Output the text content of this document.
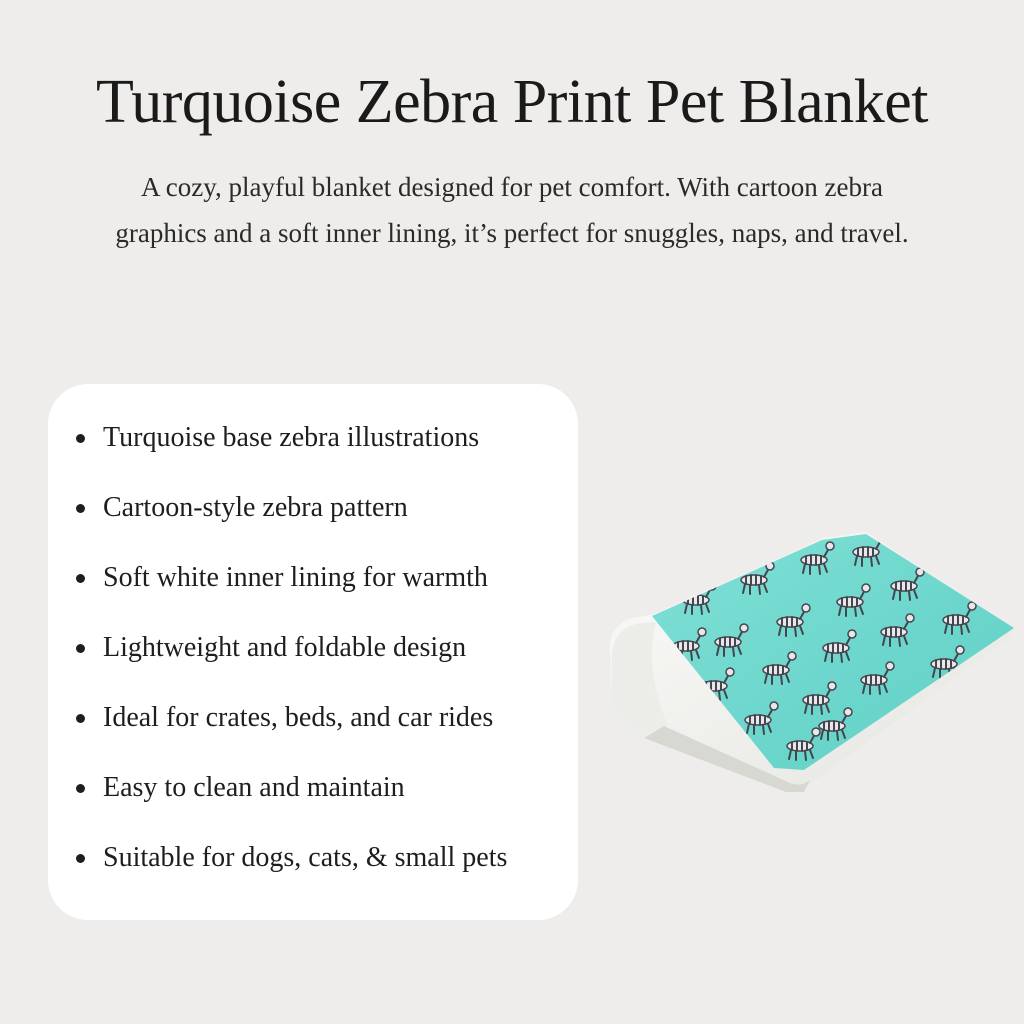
Turquoise Zebra Print Pet Blanket

A cozy, playful blanket designed for pet comfort. With cartoon zebra graphics and a soft inner lining, it’s perfect for snuggles, naps, and travel.

Turquoise base zebra illustrations
Cartoon-style zebra pattern
Soft white inner lining for warmth
Lightweight and foldable design
Ideal for crates, beds, and car rides
Easy to clean and maintain
Suitable for dogs, cats, & small pets
